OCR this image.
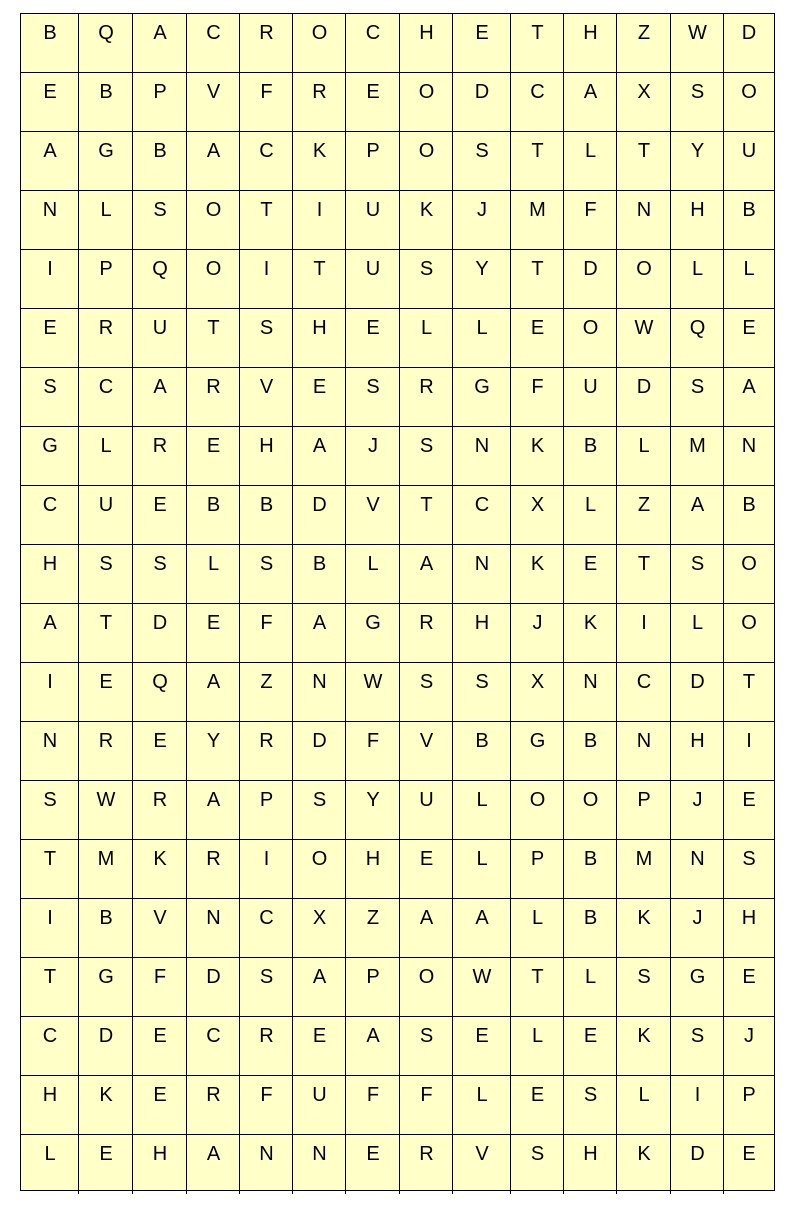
B	Q	A	C	R	O	C	H	E	T	H	Z	W	D
E	B	P	V	F	R	E	O	D	C	A	X	S	O
A	G	B	A	C	K	P	O	S	T	L	T	Y	U
N	L	S	O	T	I	U	K	J	M	F	N	H	B
I	P	Q	O	I	T	U	S	Y	T	D	O	L	L
E	R	U	T	S	H	E	L	L	E	O	W	Q	E
S	C	A	R	V	E	S	R	G	F	U	D	S	A
G	L	R	E	H	A	J	S	N	K	B	L	M	N
C	U	E	B	B	D	V	T	C	X	L	Z	A	B
H	S	S	L	S	B	L	A	N	K	E	T	S	O
A	T	D	E	F	A	G	R	H	J	K	I	L	O
I	E	Q	A	Z	N	W	S	S	X	N	C	D	T
N	R	E	Y	R	D	F	V	B	G	B	N	H	I
S	W	R	A	P	S	Y	U	L	O	O	P	J	E
T	M	K	R	I	O	H	E	L	P	B	M	N	S
I	B	V	N	C	X	Z	A	A	L	B	K	J	H
T	G	F	D	S	A	P	O	W	T	L	S	G	E
C	D	E	C	R	E	A	S	E	L	E	K	S	J
H	K	E	R	F	U	F	F	L	E	S	L	I	P
L	E	H	A	N	N	E	R	V	S	H	K	D	E
